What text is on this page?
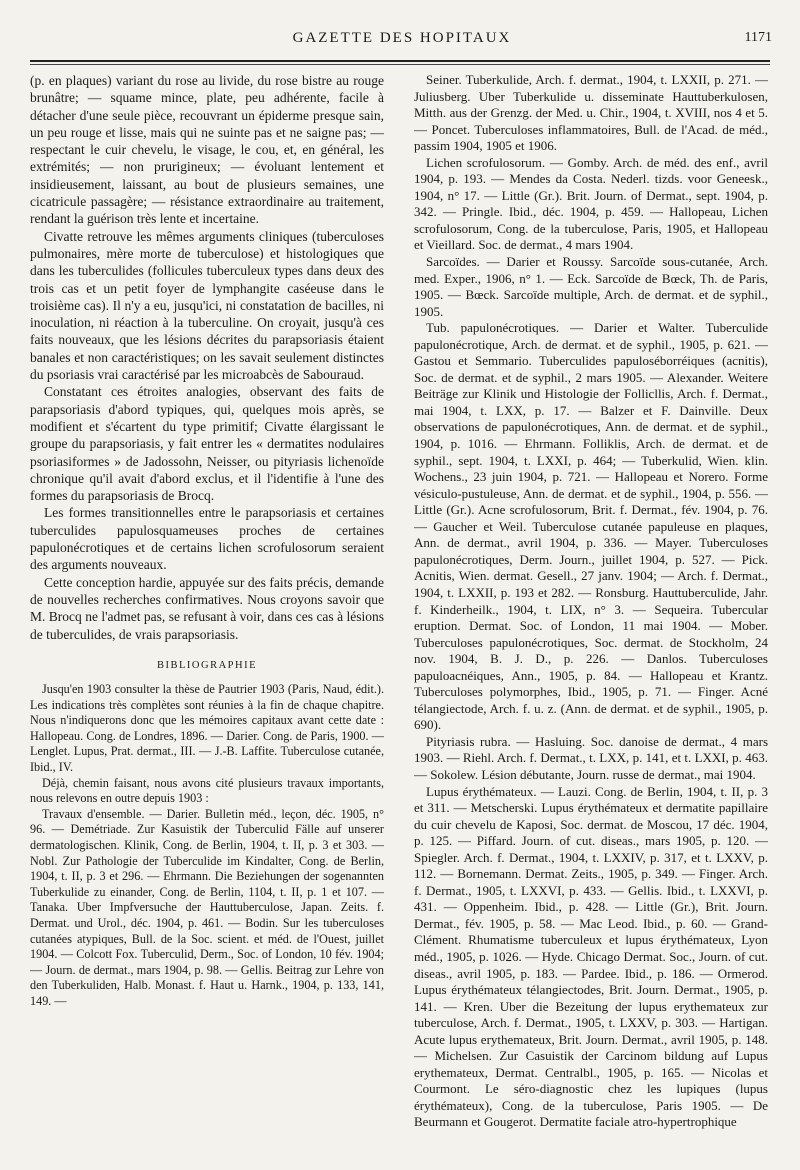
GAZETTE DES HOPITAUX	1171

(p. en plaques) variant du rose au livide, du rose bistre au rouge brunâtre; — squame mince, plate, peu adhérente, facile à détacher d'une seule pièce, recouvrant un épiderme presque sain, un peu rouge et lisse, mais qui ne suinte pas et ne saigne pas; — respectant le cuir chevelu, le visage, le cou, et, en général, les extrémités; — non prurigineux; — évoluant lentement et insidieusement, laissant, au bout de plusieurs semaines, une cicatricule passagère; — résistance extraordinaire au traitement, rendant la guérison très lente et incertaine.

Civatte retrouve les mêmes arguments cliniques (tuberculoses pulmonaires, mère morte de tuberculose) et histologiques que dans les tuberculides (follicules tuberculeux types dans deux des trois cas et un petit foyer de lymphangite caséeuse dans le troisième cas). Il n'y a eu, jusqu'ici, ni constatation de bacilles, ni inoculation, ni réaction à la tuberculine. On croyait, jusqu'à ces faits nouveaux, que les lésions décrites du parapsoriasis étaient banales et non caractéristiques; on les savait seulement distinctes du psoriasis vrai caractérisé par les microabcès de Sabouraud.

Constatant ces étroites analogies, observant des faits de parapsoriasis d'abord typiques, qui, quelques mois après, se modifient et s'écartent du type primitif; Civatte élargissant le groupe du parapsoriasis, y fait entrer les « dermatites nodulaires psoriasiformes » de Jadossohn, Neisser, ou pityriasis lichenoïde chronique qu'il avait d'abord exclus, et il l'identifie à l'une des formes du parapsoriasis de Brocq.

Les formes transitionnelles entre le parapsoriasis et certaines tuberculides papulosquameuses proches de certaines papulonécrotiques et de certains lichen scrofulosorum seraient des arguments nouveaux.

Cette conception hardie, appuyée sur des faits précis, demande de nouvelles recherches confirmatives. Nous croyons savoir que M. Brocq ne l'admet pas, se refusant à voir, dans ces cas à lésions de tuberculides, de vrais parapsoriasis.

BIBLIOGRAPHIE

Jusqu'en 1903 consulter la thèse de Pautrier 1903 (Paris, Naud, édit.). Les indications très complètes sont réunies à la fin de chaque chapitre. Nous n'indiquerons donc que les mémoires capitaux avant cette date : Hallopeau. Cong. de Londres, 1896. — Darier. Cong. de Paris, 1900. — Lenglet. Lupus, Prat. dermat., III. — J.-B. Laffite. Tuberculose cutanée, Ibid., IV.

Déjà, chemin faisant, nous avons cité plusieurs travaux importants, nous relevons en outre depuis 1903 :

Travaux d'ensemble. — Darier. Bulletin méd., leçon, déc. 1905, n° 96. — Demétriade. Zur Kasuistik der Tuberculid Fälle auf unserer dermatologischen. Klinik, Cong. de Berlin, 1904, t. II, p. 3 et 303. — Nobl. Zur Pathologie der Tuberculide im Kindalter, Cong. de Berlin, 1904, t. II, p. 3 et 296. — Ehrmann. Die Beziehungen der sogenannten Tuberkulide zu einander, Cong. de Berlin, 1104, t. II, p. 1 et 107. — Tanaka. Uber Impfversuche der Hauttuberculose, Japan. Zeits. f. Dermat. und Urol., déc. 1904, p. 461. — Bodin. Sur les tuberculoses cutanées atypiques, Bull. de la Soc. scient. et méd. de l'Ouest, juillet 1904. — Colcott Fox. Tuberculid, Derm., Soc. of London, 10 fév. 1904; — Journ. de dermat., mars 1904, p. 98. — Gellis. Beitrag zur Lehre von den Tuberkuliden, Halb. Monast. f. Haut u. Harnk., 1904, p. 133, 141, 149. —

Seiner. Tuberkulide, Arch. f. dermat., 1904, t. LXXII, p. 271. — Juliusberg. Uber Tuberkulide u. disseminate Hauttuberkulosen, Mitth. aus der Grenzg. der Med. u. Chir., 1904, t. XVIII, nos 4 et 5. — Poncet. Tuberculoses inflammatoires, Bull. de l'Acad. de méd., passim 1904, 1905 et 1906.

Lichen scrofulosorum. — Gomby. Arch. de méd. des enf., avril 1904, p. 193. — Mendes da Costa. Nederl. tizds. voor Geneesk., 1904, n° 17. — Little (Gr.). Brit. Journ. of Dermat., sept. 1904, p. 342. — Pringle. Ibid., déc. 1904, p. 459. — Hallopeau, Lichen scrofulosorum, Cong. de la tuberculose, Paris, 1905, et Hallopeau et Vieillard. Soc. de dermat., 4 mars 1904.

Sarcoïdes. — Darier et Roussy. Sarcoïde sous-cutanée, Arch. med. Exper., 1906, n° 1. — Eck. Sarcoïde de Bœck, Th. de Paris, 1905. — Bœck. Sarcoïde multiple, Arch. de dermat. et de syphil., 1905.

Tub. papulonécrotiques. — Darier et Walter. Tuberculide papulonécrotique, Arch. de dermat. et de syphil., 1905, p. 621. — Gastou et Semmario. Tuberculides papuloséborréiques (acnitis), Soc. de dermat. et de syphil., 2 mars 1905. — Alexander. Weitere Beiträge zur Klinik und Histologie der Follicllis, Arch. f. Dermat., mai 1904, t. LXX, p. 17. — Balzer et F. Dainville. Deux observations de papulonécrotiques, Ann. de dermat. et de syphil., 1904, p. 1016. — Ehrmann. Folliklis, Arch. de dermat. et de syphil., sept. 1904, t. LXXI, p. 464; — Tuberkulid, Wien. klin. Wochens., 23 juin 1904, p. 721. — Hallopeau et Norero. Forme vésiculo-pustuleuse, Ann. de dermat. et de syphil., 1904, p. 556. — Little (Gr.). Acne scrofulosorum, Brit. f. Dermat., fév. 1904, p. 76. — Gaucher et Weil. Tuberculose cutanée papuleuse en plaques, Ann. de dermat., avril 1904, p. 336. — Mayer. Tuberculoses papulonécrotiques, Derm. Journ., juillet 1904, p. 527. — Pick. Acnitis, Wien. dermat. Gesell., 27 janv. 1904; — Arch. f. Dermat., 1904, t. LXXII, p. 193 et 282. — Ronsburg. Hauttuberculide, Jahr. f. Kinderheilk., 1904, t. LIX, n° 3. — Sequeira. Tubercular eruption. Dermat. Soc. of London, 11 mai 1904. — Mober. Tuberculoses papulonécrotiques, Soc. dermat. de Stockholm, 24 nov. 1904, B. J. D., p. 226. — Danlos. Tuberculoses papuloacnéiques, Ann., 1905, p. 84. — Hallopeau et Krantz. Tuberculoses polymorphes, Ibid., 1905, p. 71. — Finger. Acné télangiectode, Arch. f. u. z. (Ann. de dermat. et de syphil., 1905, p. 690).

Pityriasis rubra. — Hasluing. Soc. danoise de dermat., 4 mars 1903. — Riehl. Arch. f. Dermat., t. LXX, p. 141, et t. LXXI, p. 463. — Sokolew. Lésion débutante, Journ. russe de dermat., mai 1904.

Lupus érythémateux. — Lauzi. Cong. de Berlin, 1904, t. II, p. 3 et 311. — Metscherski. Lupus érythémateux et dermatite papillaire du cuir chevelu de Kaposi, Soc. dermat. de Moscou, 17 déc. 1904, p. 125. — Piffard. Journ. of cut. diseas., mars 1905, p. 120. — Spiegler. Arch. f. Dermat., 1904, t. LXXIV, p. 317, et t. LXXV, p. 112. — Bornemann. Dermat. Zeits., 1905, p. 349. — Finger. Arch. f. Dermat., 1905, t. LXXVI, p. 433. — Gellis. Ibid., t. LXXVI, p. 431. — Oppenheim. Ibid., p. 428. — Little (Gr.), Brit. Journ. Dermat., fév. 1905, p. 58. — Mac Leod. Ibid., p. 60. — Grand-Clément. Rhumatisme tuberculeux et lupus érythémateux, Lyon méd., 1905, p. 1026. — Hyde. Chicago Dermat. Soc., Journ. of cut. diseas., avril 1905, p. 183. — Pardee. Ibid., p. 186. — Ormerod. Lupus érythémateux télangiectodes, Brit. Journ. Dermat., 1905, p. 141. — Kren. Uber die Bezeitung der lupus erythemateux zur tuberculose, Arch. f. Dermat., 1905, t. LXXV, p. 303. — Hartigan. Acute lupus erythemateux, Brit. Journ. Dermat., avril 1905, p. 148. — Michelsen. Zur Casuistik der Carcinom bildung auf Lupus erythemateux, Dermat. Centralbl., 1905, p. 165. — Nicolas et Courmont. Le séro-diagnostic chez les lupiques (lupus érythémateux), Cong. de la tuberculose, Paris 1905. — De Beurmann et Gougerot. Dermatite faciale atro-hypertrophique
